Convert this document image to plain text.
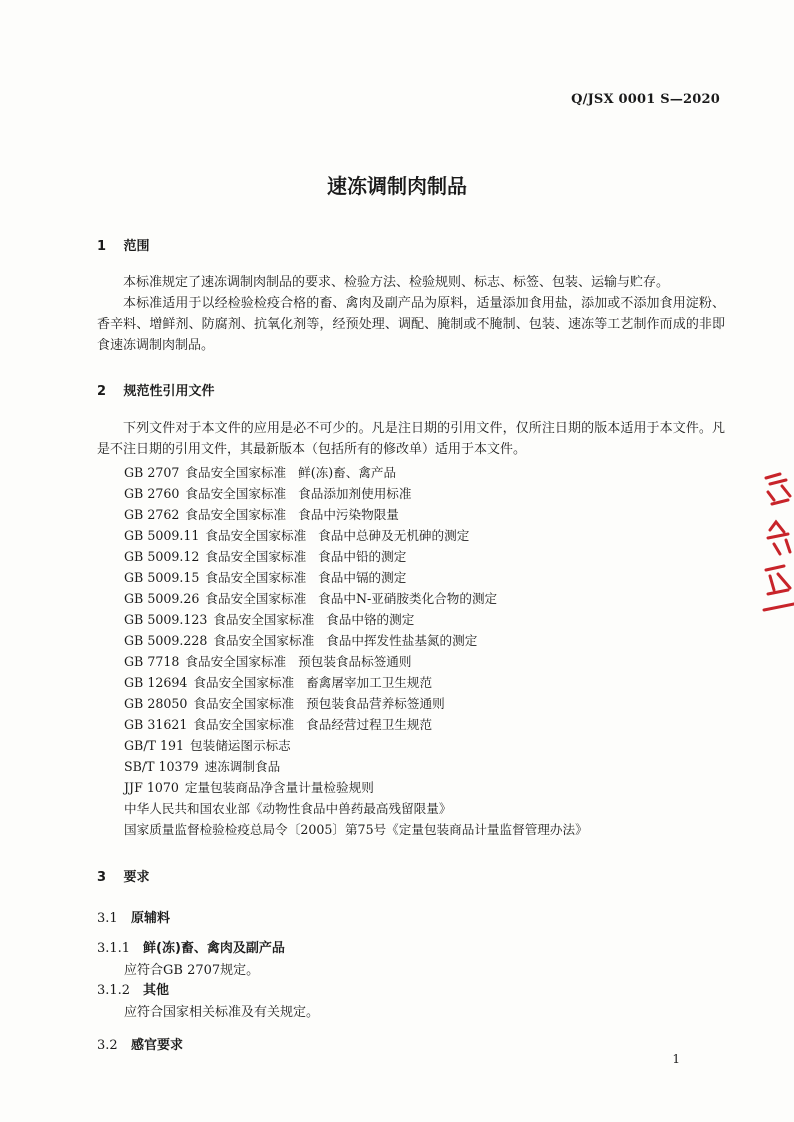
Q/JSX 0001 S—2020
速冻调制肉制品
1 范围
本标准规定了速冻调制肉制品的要求、检验方法、检验规则、标志、标签、包装、运输与贮存。
本标准适用于以经检验检疫合格的畜、禽肉及副产品为原料，适量添加食用盐，添加或不添加食用淀粉、香辛料、增鲜剂、防腐剂、抗氧化剂等，经预处理、调配、腌制或不腌制、包装、速冻等工艺制作而成的非即食速冻调制肉制品。
2 规范性引用文件
下列文件对于本文件的应用是必不可少的。凡是注日期的引用文件，仅所注日期的版本适用于本文件。凡是不注日期的引用文件，其最新版本（包括所有的修改单）适用于本文件。
GB 2707 食品安全国家标准 鲜(冻)畜、禽产品
GB 2760 食品安全国家标准 食品添加剂使用标准
GB 2762 食品安全国家标准 食品中污染物限量
GB 5009.11 食品安全国家标准 食品中总砷及无机砷的测定
GB 5009.12 食品安全国家标准 食品中铅的测定
GB 5009.15 食品安全国家标准 食品中镉的测定
GB 5009.26 食品安全国家标准 食品中N-亚硝胺类化合物的测定
GB 5009.123 食品安全国家标准 食品中铬的测定
GB 5009.228 食品安全国家标准 食品中挥发性盐基氮的测定
GB 7718 食品安全国家标准 预包装食品标签通则
GB 12694 食品安全国家标准 畜禽屠宰加工卫生规范
GB 28050 食品安全国家标准 预包装食品营养标签通则
GB 31621 食品安全国家标准 食品经营过程卫生规范
GB/T 191 包装储运图示标志
SB/T 10379 速冻调制食品
JJF 1070 定量包装商品净含量计量检验规则
中华人民共和国农业部《动物性食品中兽药最高残留限量》
国家质量监督检验检疫总局令〔2005〕第75号《定量包装商品计量监督管理办法》
3 要求
3.1 原辅料
3.1.1 鲜(冻)畜、禽肉及副产品
应符合GB 2707规定。
3.1.2 其他
应符合国家相关标准及有关规定。
3.2 感官要求
1
